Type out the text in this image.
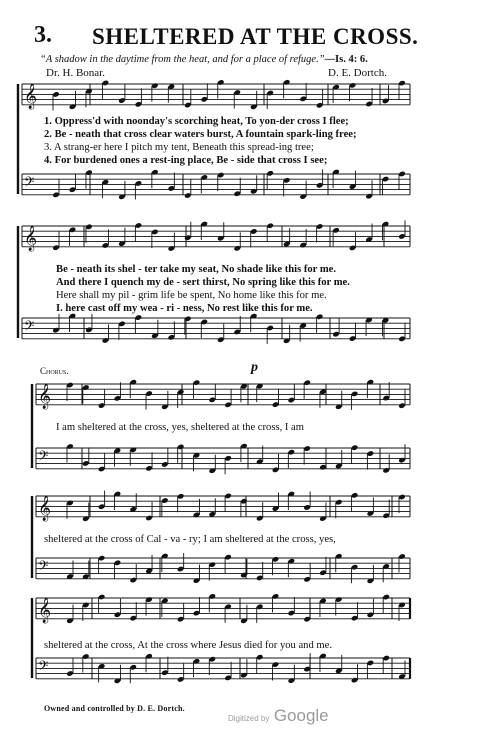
3. SHELTERED AT THE CROSS.
“A shadow in the daytime from the heat, and for a place of refuge.”—Is. 4: 6.
Dr. H. Bonar.	D. E. Dortch.
𝄞
𝄢
𝄞
𝄢
𝄞
𝄢
𝄞
𝄢
𝄞
𝄢
1. Oppress'd with noonday's scorching heat, To yon-der cross I flee;
2. Be - neath that cross clear waters burst, A fountain spark-ling free;
3. A strang-er here I pitch my tent, Beneath this spread-ing tree;
4. For burdened ones a rest-ing place, Be - side that cross I see;
Be - neath its shel - ter take my seat, No shade like this for me.
And there I quench my de - sert thirst, No spring like this for me.
Here shall my pil - grim life be spent, No home like this for me.
I. here cast off my wea - ri - ness, No rest like this for me.
Chorus.	p
I am sheltered at the cross, yes, sheltered at the cross, I am
sheltered at the cross of Cal - va - ry; I am sheltered at the cross, yes,
sheltered at the cross, At the cross where Jesus died for you and me.
Owned and controlled by D. E. Dortch.
Digitized by Google
